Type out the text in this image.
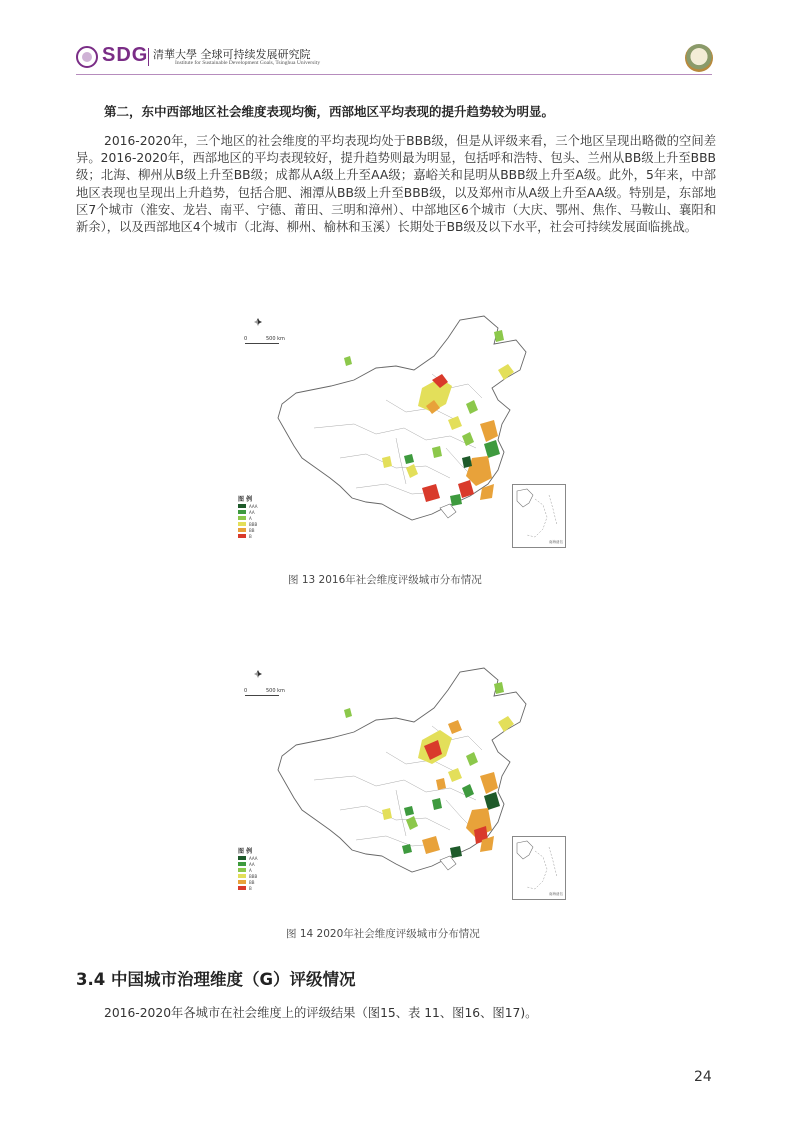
SDG 清華大學 全球可持续发展研究院
Institute for Sustainable Development Goals, Tsinghua University
第二，东中西部地区社会维度表现均衡，西部地区平均表现的提升趋势较为明显。

2016-2020年，三个地区的社会维度的平均表现均处于BBB级，但是从评级来看，三个地区呈现出略微的空间差异。2016-2020年，西部地区的平均表现较好，提升趋势则最为明显，包括呼和浩特、包头、兰州从BB级上升至BBB级；北海、柳州从B级上升至BB级；成都从A级上升至AA级；嘉峪关和昆明从BBB级上升至A级。此外，5年来，中部地区表现也呈现出上升趋势，包括合肥、湘潭从BB级上升至BBB级，以及郑州市从A级上升至AA级。特别是，东部地区7个城市（淮安、龙岩、南平、宁德、莆田、三明和漳州）、中部地区6个城市（大庆、鄂州、焦作、马鞍山、襄阳和新余），以及西部地区4个城市（北海、柳州、榆林和玉溪）长期处于BB级及以下水平，社会可持续发展面临挑战。

0	500 km
图 例
AAA
AA
A
BBB
BB
B
南海诸岛
图 13 2016年社会维度评级城市分布情况
0	500 km
图 例
AAA
AA
A
BBB
BB
B
南海诸岛
图 14 2020年社会维度评级城市分布情况
3.4 中国城市治理维度（G）评级情况
2016-2020年各城市在社会维度上的评级结果（图15、表 11、图16、图17)。
24
